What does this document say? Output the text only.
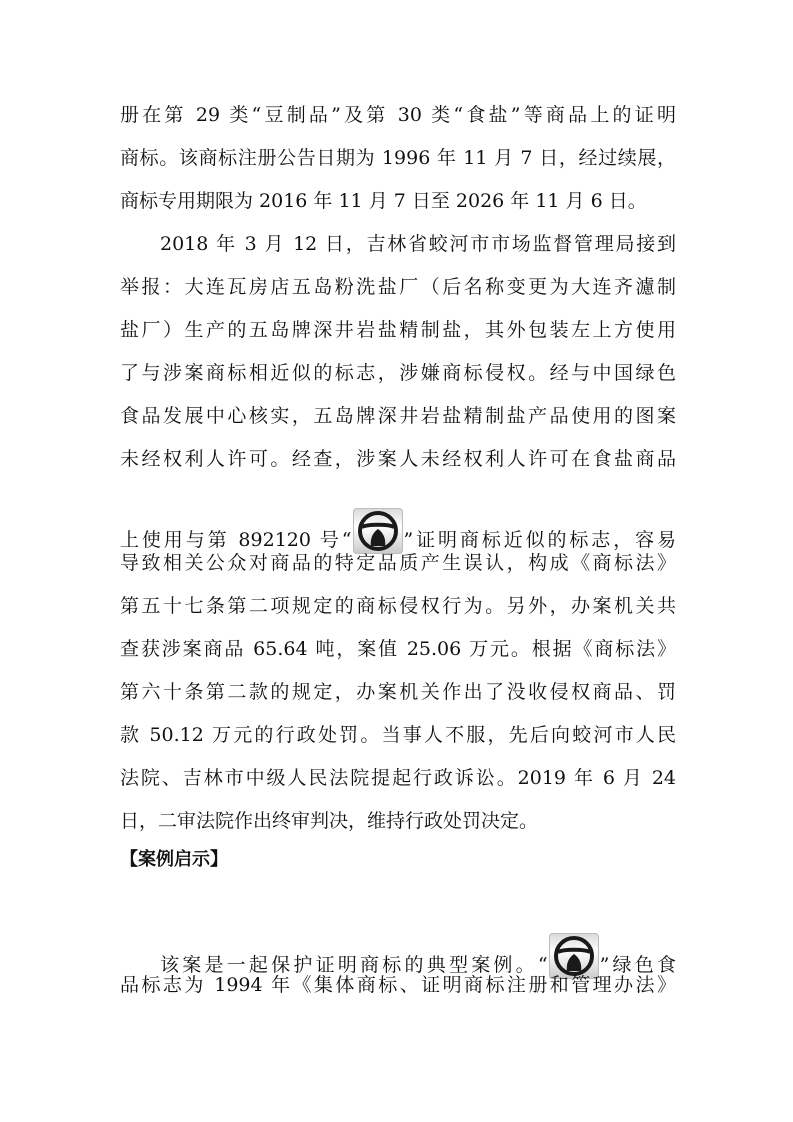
册在第 29 类“豆制品”及第 30 类“食盐”等商品上的证明
商标。该商标注册公告日期为 1996 年 11 月 7 日，经过续展，
商标专用期限为 2016 年 11 月 7 日至 2026 年 11 月 6 日。
2018 年 3 月 12 日，吉林省蛟河市市场监督管理局接到
举报：大连瓦房店五岛粉洗盐厂（后名称变更为大连齐濾制
盐厂）生产的五岛牌深井岩盐精制盐，其外包装左上方使用
了与涉案商标相近似的标志，涉嫌商标侵权。经与中国绿色
食品发展中心核实，五岛牌深井岩盐精制盐产品使用的图案
未经权利人许可。经查，涉案人未经权利人许可在食盐商品
上使用与第 892120 号“	”证明商标近似的标志，容易
导致相关公众对商品的特定品质产生误认，构成《商标法》
第五十七条第二项规定的商标侵权行为。另外，办案机关共
查获涉案商品 65.64 吨，案值 25.06 万元。根据《商标法》
第六十条第二款的规定，办案机关作出了没收侵权商品、罚
款 50.12 万元的行政处罚。当事人不服，先后向蛟河市人民
法院、吉林市中级人民法院提起行政诉讼。2019 年 6 月 24
日，二审法院作出终审判决，维持行政处罚决定。
【案例启示】
该案是一起保护证明商标的典型案例。“	”绿色食
品标志为 1994 年《集体商标、证明商标注册和管理办法》
